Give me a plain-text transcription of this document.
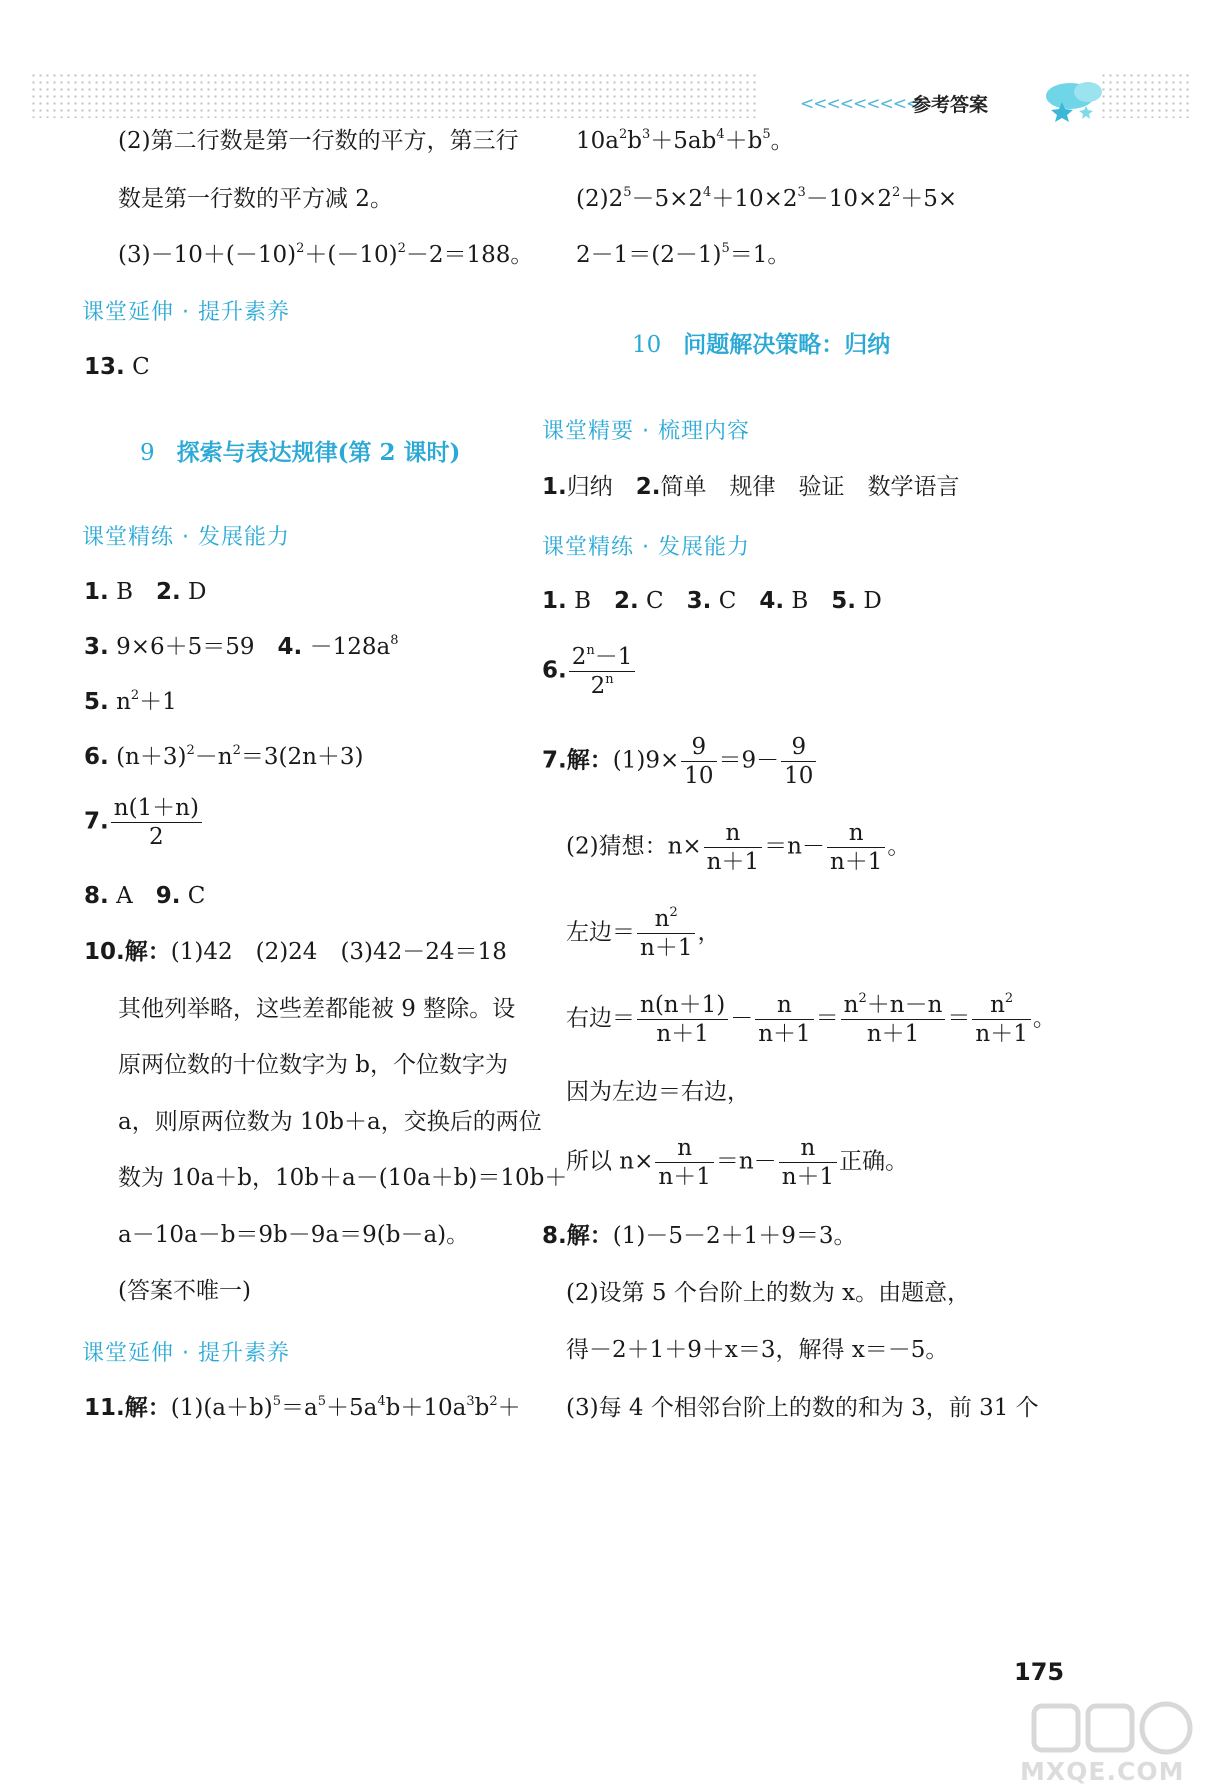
<<<<<<<<<
参考答案
(2)第二行数是第一行数的平方，第三行
数是第一行数的平方减 2。
$(3)-10+(-10)^2+(-10)^2-2=188$。
课堂延伸 · 提升素养
13. C
9 探索与表达规律(第 2 课时)
课堂精练 · 发展能力
1. B　 2. D
3. 9×6＋5＝59　 4. $-128a^8$
5. $n^2+1$
6. $(n+3)^2-n^2=3(2n+3)$
7. $\frac{n(1+n)}{2}$
8. A　 9. C
10.解：(1)42　(2)24　(3)42－24＝18
其他列举略，这些差都能被 9 整除。设
原两位数的十位数字为 b，个位数字为
a，则原两位数为 10b＋a，交换后的两位
数为 10a＋b，10b＋a－(10a＋b)＝10b＋
a－10a－b＝9b－9a＝9(b－a)。
(答案不唯一)
课堂延伸 · 提升素养
11.解：$(1)(a+b)^5=a^5+5a^4b+10a^3b^2+$
$10a^2b^3+5ab^4+b^5$。
$(2)2^5-5\times 2^4+10\times 2^3-10\times 2^2+5\times$
$2-1=(2-1)^5=1$。
10 问题解决策略：归纳
课堂精要 · 梳理内容
1.归纳　 2.简单　规律　验证　数学语言
课堂精练 · 发展能力
1. B　 2. C　 3. C　 4. B　 5. D
6. $\frac{2^n-1}{2^n}$
7.解：$(1)9\times \frac{9}{10} =9- \frac{9}{10}$
(2)猜想：$n\times \frac{n}{n+1} =n- \frac{n}{n+1}$ 。
左边＝ $\frac{n^2}{n+1}$ ，
右边＝ $\frac{n(n+1)}{n+1} - \frac{n}{n+1} = \frac{n^2+n-n}{n+1} = \frac{n^2}{n+1}$ 。
因为左边＝右边，
所以 $n\times \frac{n}{n+1} =n- \frac{n}{n+1}$ 正确。
8.解：(1)－5－2＋1＋9＝3。
(2)设第 5 个台阶上的数为 x。由题意，
得－2＋1＋9＋x＝3，解得 x＝－5。
(3)每 4 个相邻台阶上的数的和为 3，前 31 个
175
MXQE.COM
